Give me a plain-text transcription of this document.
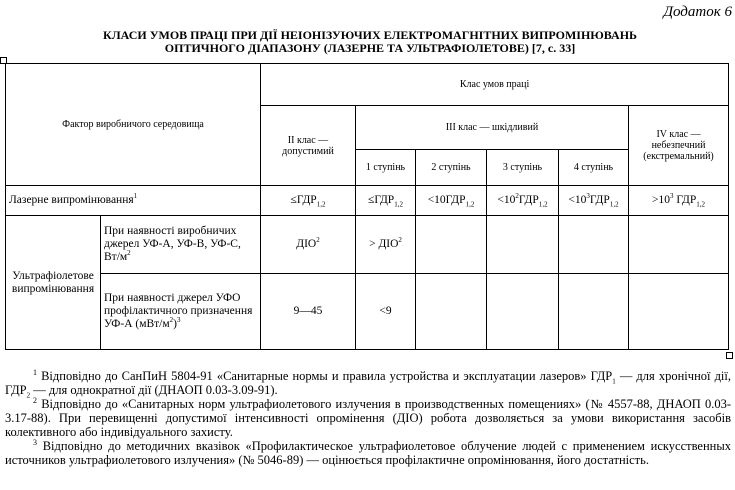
Додаток 6
КЛАСИ УМОВ ПРАЦІ ПРИ ДІЇ НЕІОНІЗУЮЧИХ ЕЛЕКТРОМАГНІТНИХ ВИПРОМІНЮВАНЬ
ОПТИЧНОГО ДІАПАЗОНУ (ЛАЗЕРНЕ ТА УЛЬТРАФІОЛЕТОВЕ) [7, с. 33]
Фактор виробничого середовища		Клас умов праці					
		II клас — допустимий	III клас — шкідливий				IV клас — небезпечний (екстремальний)
			1 ступінь	2 ступінь	3 ступінь	4 ступінь	
Лазерне випромінювання$^1$		$\le ГДР_{1,2}$	$\le ГДР_{1,2}$	$<10ГДР_{1,2}$	$<10^2ГДР_{1,2}$	$<10^3ГДР_{1,2}$	$>10^3$ $ГДР_{1,2}$
Ультрафіолетове випромінювання	При наявності виробничих джерел УФ-А, УФ-В, УФ-С, $Вт/м^2$	$ДІО^2$	> $ДІО^2$				
	При наявності джерел УФО профілактичного призначення УФ-А $(мВт/м^2)^3$	9—45	<9				

$^1$ Відповідно до СанПиН 5804-91 «Санитарные нормы и правила устройства и эксплуатации лазеров» $ГДР_1$ — для хронічної дії, $ГДР_2$ — для однократної дії (ДНАОП 0.03-3.09-91).

$^2$ Відповідно до «Санитарных норм ультрафиолетового излучения в производственных помещениях» (№ 4557-88, ДНАОП 0.03-3.17-88). При перевищенні допустимої інтенсивності опромінення (ДІО) робота дозволяється за умови використання засобів колективного або індивідуального захисту.

$^3$ Відповідно до методичних вказівок «Профилактическое ультрафиолетовое облучение людей с применением искусственных источников ультрафиолетового излучения» (№ 5046-89) — оцінюється профілактичне опромінювання, його достатність.
